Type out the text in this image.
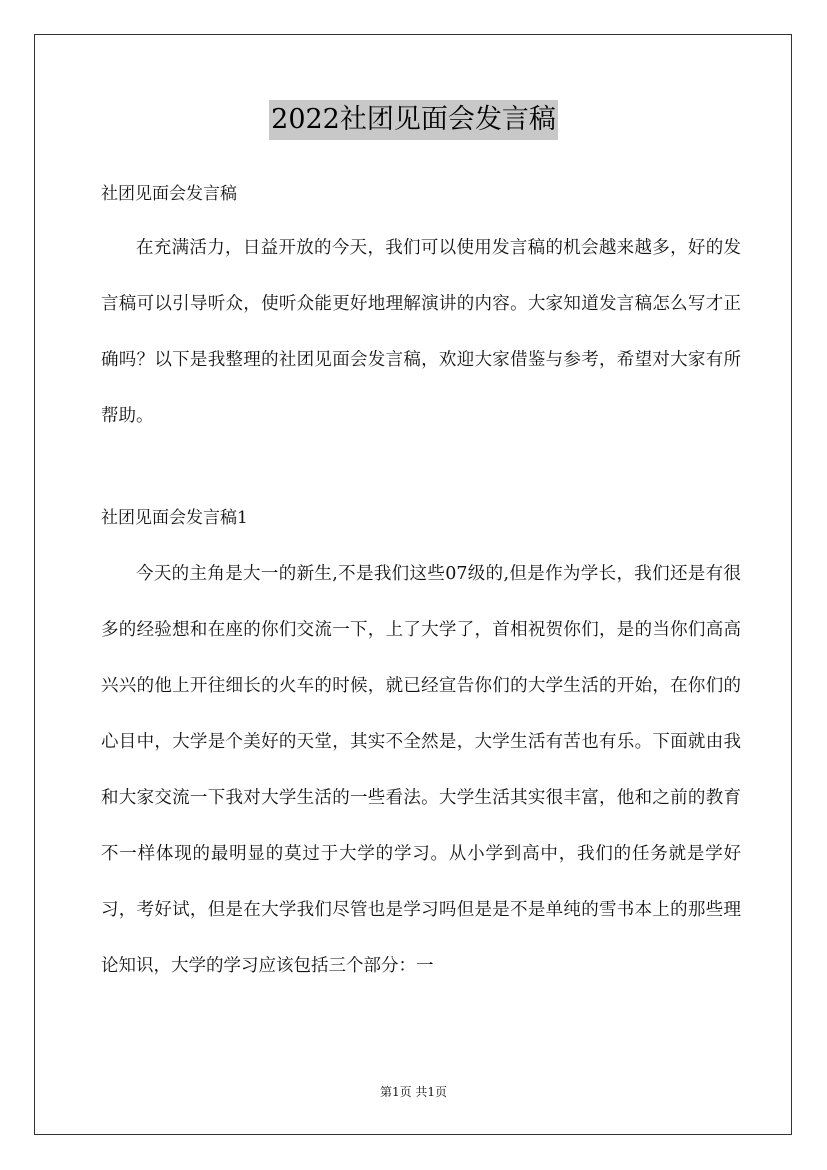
2022社团见面会发言稿
社团见面会发言稿

在充满活力，日益开放的今天，我们可以使用发言稿的机会越来越多，好的发言稿可以引导听众，使听众能更好地理解演讲的内容。大家知道发言稿怎么写才正确吗？以下是我整理的社团见面会发言稿，欢迎大家借鉴与参考，希望对大家有所帮助。

社团见面会发言稿1

今天的主角是大一的新生,不是我们这些07级的,但是作为学长，我们还是有很多的经验想和在座的你们交流一下，上了大学了，首相祝贺你们，是的当你们高高兴兴的他上开往细长的火车的时候，就已经宣告你们的大学生活的开始，在你们的心目中，大学是个美好的天堂，其实不全然是，大学生活有苦也有乐。下面就由我和大家交流一下我对大学生活的一些看法。大学生活其实很丰富，他和之前的教育不一样体现的最明显的莫过于大学的学习。从小学到高中，我们的任务就是学好习，考好试，但是在大学我们尽管也是学习吗但是是不是单纯的雪书本上的那些理论知识，大学的学习应该包括三个部分：一

第1页 共1页
